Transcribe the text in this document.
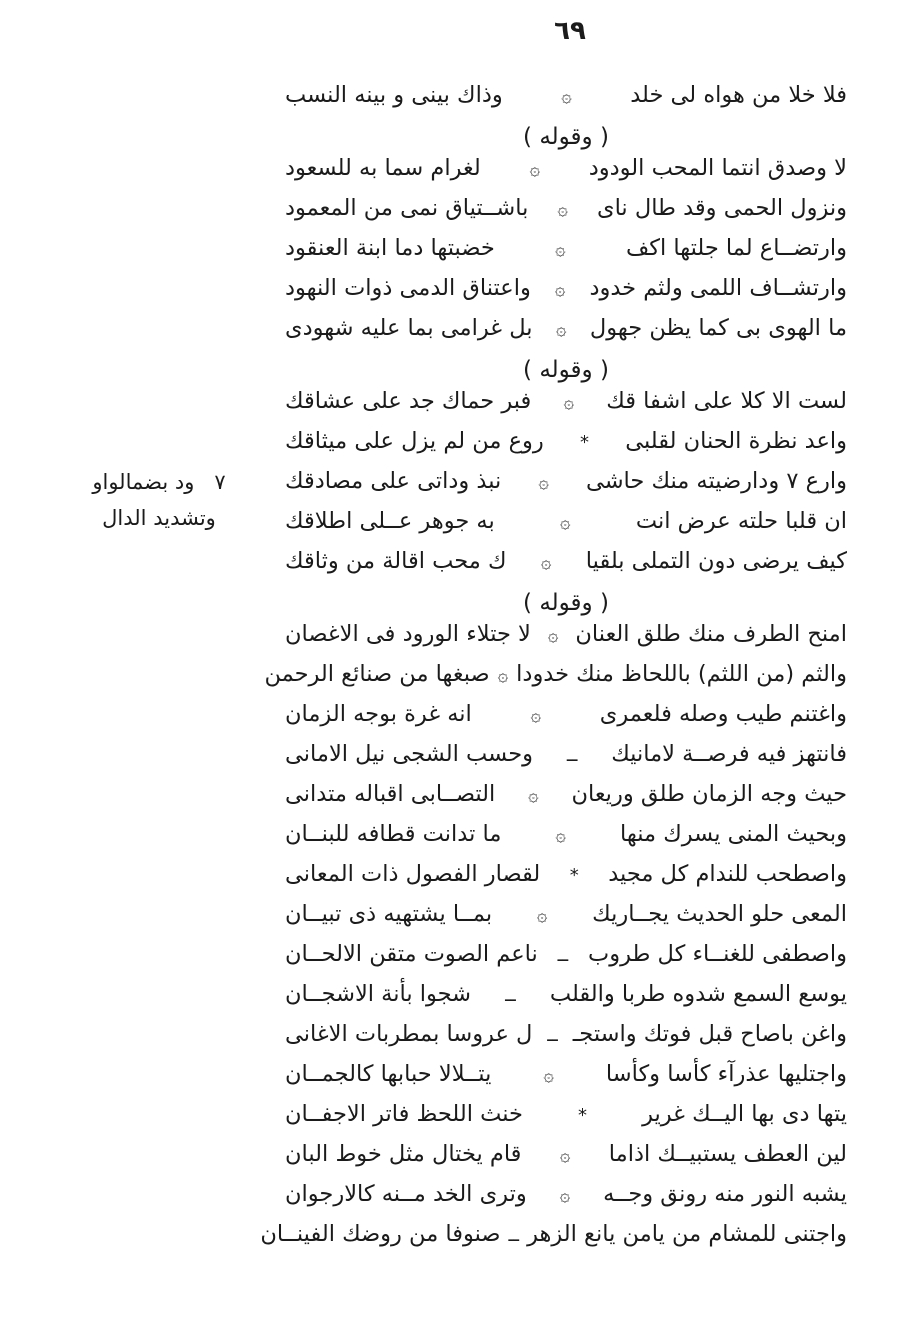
٦٩
٧   ود بضمالواو
وتشديد الدال
فلا خلا من هواه لى خلد
۞
وذاك بينى و بينه النسب
( وقوله )
لا وصدق انتما المحب الودود
۞
لغرام سما به للسعود
ونزول الحمى وقد طال ناى
۞
باشــتياق نمى من المعمود
وارتضــاع لما جلتها اكف
۞
خضبتها دما ابنة العنقود
وارتشــاف اللمى ولثم خدود
۞
واعتناق الدمى ذوات النهود
ما الهوى بى كما يظن جهول
۞
بل غرامى بما عليه شهودى
( وقوله )
لست الا كلا على اشفا قك
۞
فبر حماك جد على عشاقك
واعد نظرة الحنان لقلبى
*
روع من لم يزل على ميثاقك
وارع ٧ ودارضيته منك حاشى
۞
نبذ وداتى على مصادقك
ان قلبا حلته عرض انت
۞
به جوهر عــلى اطلاقك
كيف يرضى دون التملى بلقيا
۞
ك محب اقالة من وثاقك
( وقوله )
امنح الطرف منك طلق العنان
۞
لا جتلاء الورود فى الاغصان
والثم (من اللثم) باللحاظ منك خدودا
۞
صبغها من صنائع الرحمن
واغتنم طيب وصله فلعمرى
۞
انه غرة بوجه الزمان
فانتهز فيه فرصــة لامانيك
ــ
وحسب الشجى نيل الامانى
حيث وجه الزمان طلق وريعان
۞
التصــابى اقباله متدانى
وبحيث المنى يسرك منها
۞
ما تدانت قطافه للبنــان
واصطحب للندام كل مجيد
*
لقصار الفصول ذات المعانى
المعى حلو الحديث يجــاريك
۞
بمــا يشتهيه ذى تبيــان
واصطفى للغنــاء كل طروب
ــ
ناعم الصوت متقن الالحــان
يوسع السمع شدوه طربا والقلب
ــ
شجوا بأنة الاشجــان
واغن باصاح قبل فوتك واستجـ
ــ
ل عروسا بمطربات الاغانى
واجتليها عذرآء كأسا وكأسا
۞
يتــلالا حبابها كالجمــان
يتها دى بها اليــك غرير
*
خنث اللحظ فاتر الاجفــان
لين العطف يستبيــك اذاما
۞
قام يختال مثل خوط البان
يشبه النور منه رونق وجــه
۞
وترى الخد مــنه كالارجوان
واجتنى للمشام من يامن يانع الزهر
ــ
صنوفا من روضك الفينــان
